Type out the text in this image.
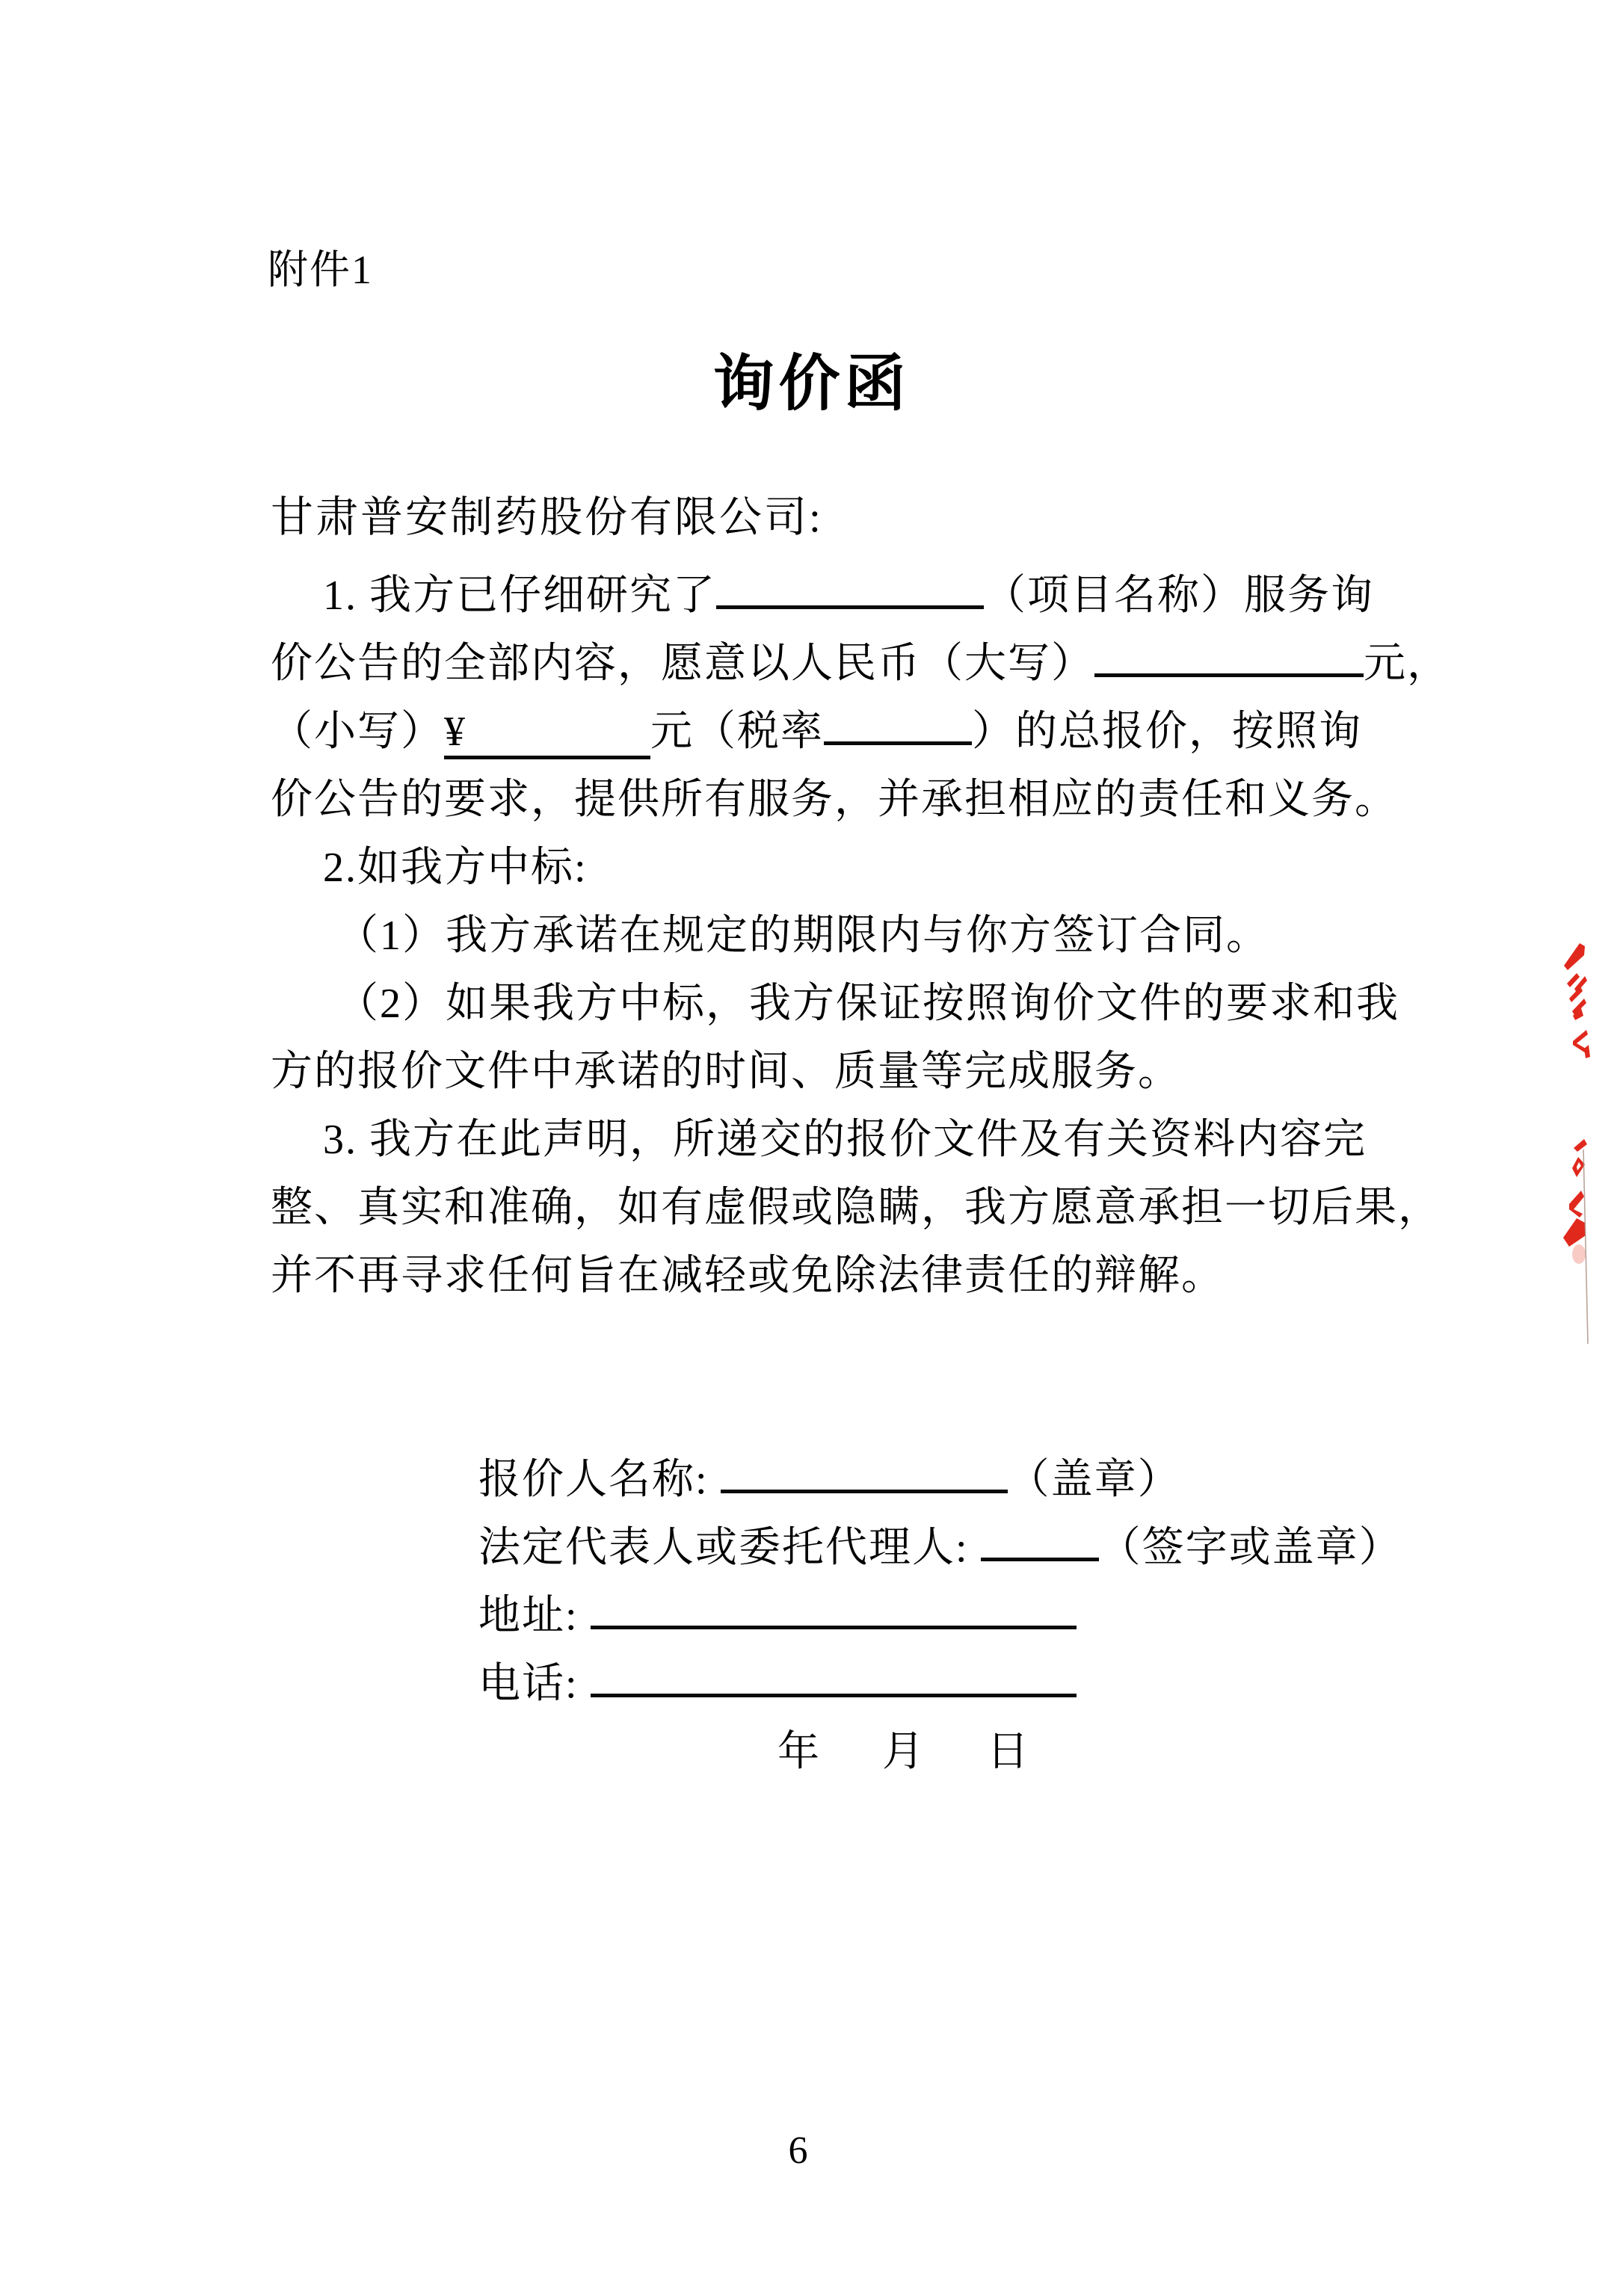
附件1
询价函
甘肃普安制药股份有限公司:
1. 我方已仔细研究了	（项目名称）服务询
价公告的全部内容，愿意以人民币（大写）	元，
（小写）¥	元（税率	）的总报价，按照询
价公告的要求，提供所有服务，并承担相应的责任和义务。
2.如我方中标:
（1）我方承诺在规定的期限内与你方签订合同。
（2）如果我方中标，我方保证按照询价文件的要求和我
方的报价文件中承诺的时间、质量等完成服务。
3. 我方在此声明，所递交的报价文件及有关资料内容完
整、真实和准确，如有虚假或隐瞒，我方愿意承担一切后果，
并不再寻求任何旨在减轻或免除法律责任的辩解。
报价人名称:	（盖章）
法定代表人或委托代理人:	（签字或盖章）
地址:
电话:
年 月 日
6
